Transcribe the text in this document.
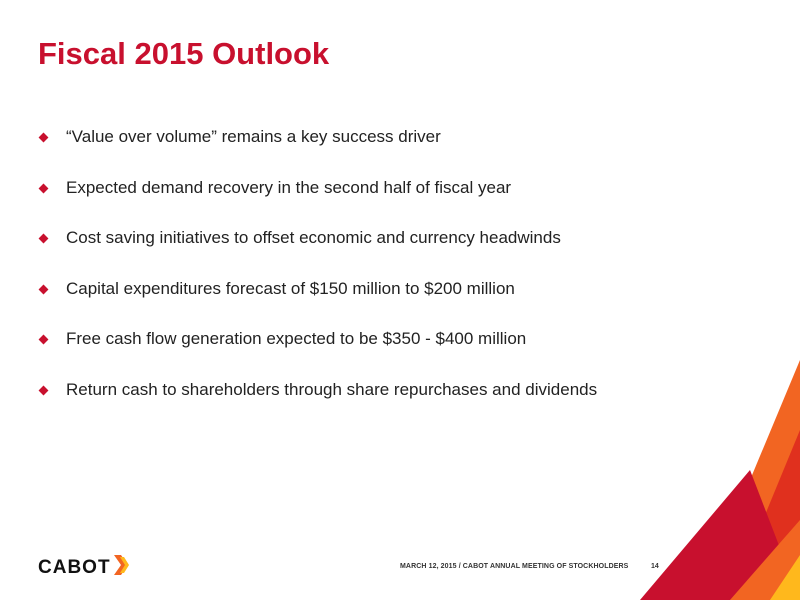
Fiscal 2015 Outlook
“Value over volume” remains a key success driver
Expected demand recovery in the second half of fiscal year
Cost saving initiatives to offset economic and currency headwinds
Capital expenditures forecast of $150 million to $200 million
Free cash flow generation expected to be $350 - $400 million
Return cash to shareholders through share repurchases and dividends
CABOT	MARCH 12, 2015 / CABOT ANNUAL MEETING OF STOCKHOLDERS	14
